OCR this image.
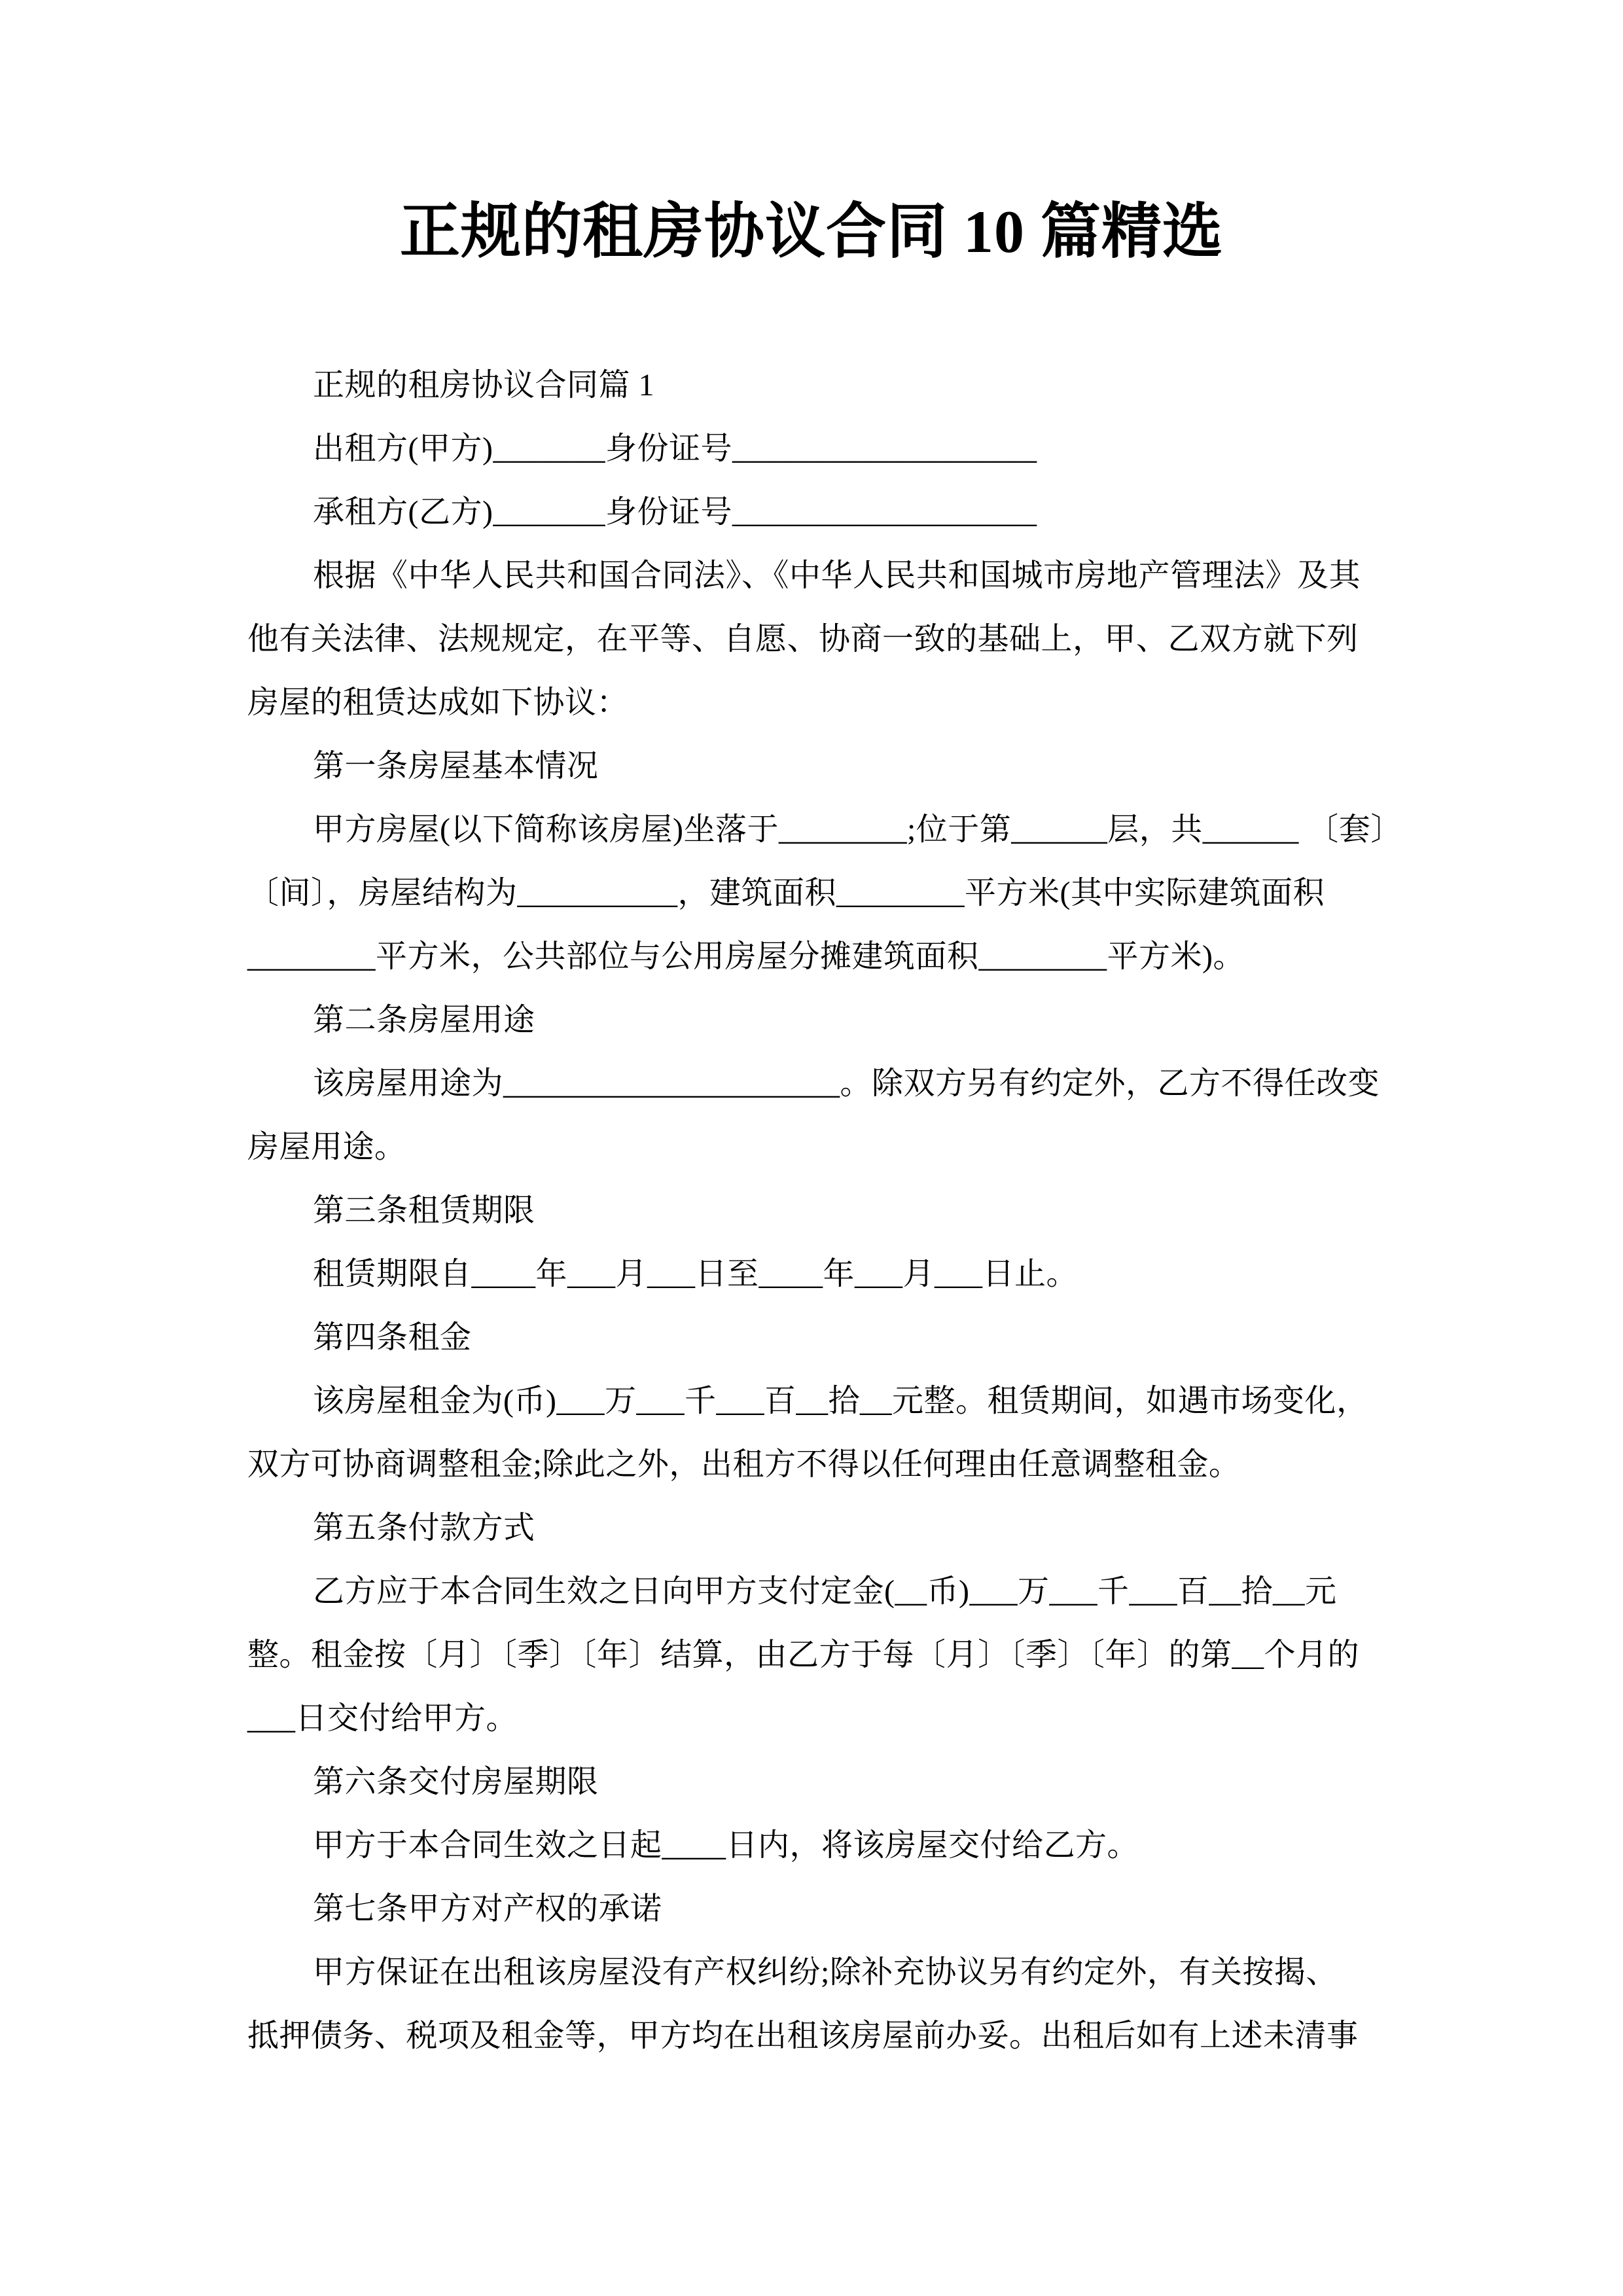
正规的租房协议合同 10 篇精选

正规的租房协议合同篇 1

出租方(甲方)_______身份证号___________________

承租方(乙方)_______身份证号___________________

根据《中华人民共和国合同法》、《中华人民共和国城市房地产管理法》及其

他有关法律、法规规定，在平等、自愿、协商一致的基础上，甲、乙双方就下列

房屋的租赁达成如下协议：

第一条房屋基本情况

甲方房屋(以下简称该房屋)坐落于________;位于第______层，共______ 〔套〕

〔间〕，房屋结构为__________，建筑面积________平方米(其中实际建筑面积

________平方米，公共部位与公用房屋分摊建筑面积________平方米)。

第二条房屋用途

该房屋用途为_____________________。除双方另有约定外，乙方不得任改变

房屋用途。

第三条租赁期限

租赁期限自____年___月___日至____年___月___日止。

第四条租金

该房屋租金为(币)___万___千___百__拾__元整。租赁期间，如遇市场变化，

双方可协商调整租金;除此之外，出租方不得以任何理由任意调整租金。

第五条付款方式

乙方应于本合同生效之日向甲方支付定金(__币)___万___千___百__拾__元

整。租金按〔月〕〔季〕〔年〕结算，由乙方于每〔月〕〔季〕〔年〕的第__个月的

___日交付给甲方。

第六条交付房屋期限

甲方于本合同生效之日起____日内，将该房屋交付给乙方。

第七条甲方对产权的承诺

甲方保证在出租该房屋没有产权纠纷;除补充协议另有约定外，有关按揭、

抵押债务、税项及租金等，甲方均在出租该房屋前办妥。出租后如有上述未清事
